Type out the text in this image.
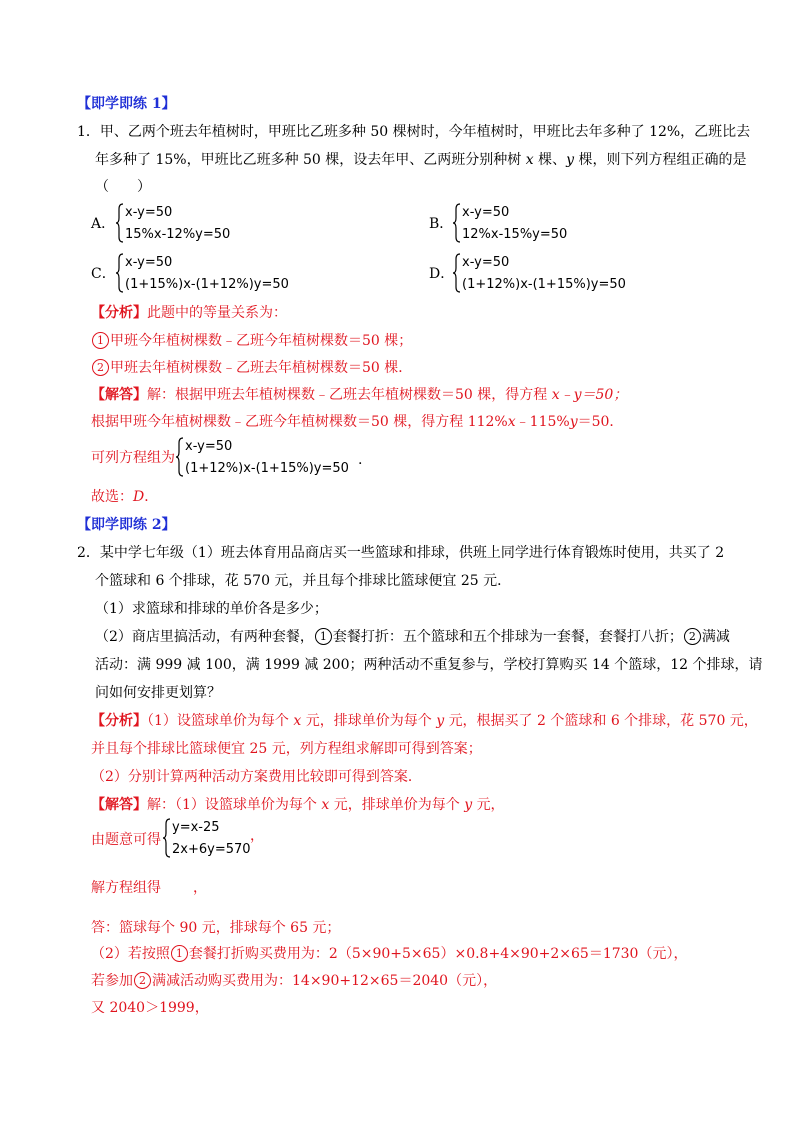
【即学即练 1】
1．甲、乙两个班去年植树时，甲班比乙班多种 50 棵树时，今年植树时，甲班比去年多种了 12%，乙班比去
年多种了 15%，甲班比乙班多种 50 棵，设去年甲、乙两班分别种树 x 棵、y 棵，则下列方程组正确的是
（　　）
A．
x-y=50
15%x-12%y=50
B．
x-y=50
12%x-15%y=50
C．
x-y=50
(1+15%)x-(1+12%)y=50
D．
x-y=50
(1+12%)x-(1+15%)y=50
【分析】此题中的等量关系为：
1 甲班今年植树棵数﹣乙班今年植树棵数＝50 棵；
2 甲班去年植树棵数﹣乙班去年植树棵数＝50 棵．
【解答】解：根据甲班去年植树棵数﹣乙班去年植树棵数＝50 棵，得方程 x﹣y＝50；
根据甲班今年植树棵数﹣乙班今年植树棵数＝50 棵，得方程 112%x﹣115%y＝50．
可列方程组为
x-y=50
(1+12%)x-(1+15%)y=50
.
故选：D．
【即学即练 2】
2．某中学七年级（1）班去体育用品商店买一些篮球和排球，供班上同学进行体育锻炼时使用，共买了 2
个篮球和 6 个排球，花 570 元，并且每个排球比篮球便宜 25 元．
（1）求篮球和排球的单价各是多少；
（2）商店里搞活动，有两种套餐， 1 套餐打折：五个篮球和五个排球为一套餐，套餐打八折； 2 满减
活动：满 999 减 100，满 1999 减 200；两种活动不重复参与，学校打算购买 14 个篮球，12 个排球，请
问如何安排更划算？
【分析】（1）设篮球单价为每个 x 元，排球单价为每个 y 元，根据买了 2 个篮球和 6 个排球，花 570 元，
并且每个排球比篮球便宜 25 元，列方程组求解即可得到答案；
（2）分别计算两种活动方案费用比较即可得到答案．
【解答】解：（1）设篮球单价为每个 x 元，排球单价为每个 y 元，
由题意可得
y=x-25
2x+6y=570
，
解方程组得 ，
答：篮球每个 90 元，排球每个 65 元；
（2）若按照 1 套餐打折购买费用为：2（5×90+5×65）×0.8+4×90+2×65＝1730（元），
若参加 2 满减活动购买费用为：14×90+12×65＝2040（元），
又 2040＞1999，
